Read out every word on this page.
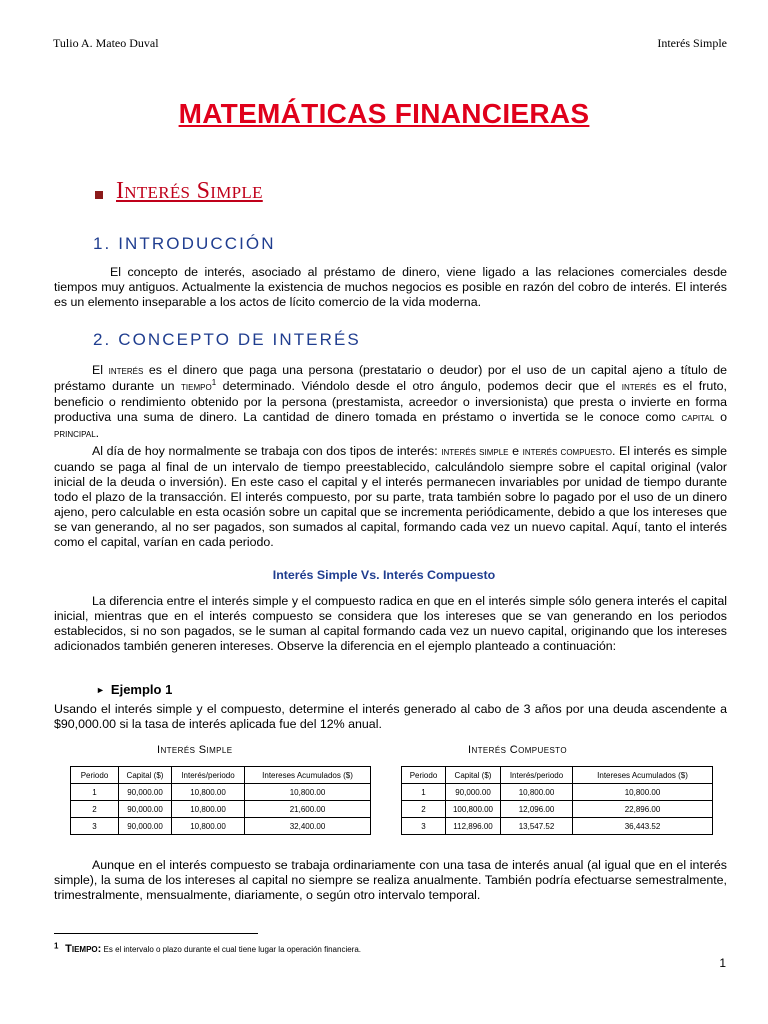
Tulio A. Mateo Duval	Interés Simple
MATEMÁTICAS FINANCIERAS
Interés Simple
1. INTRODUCCIÓN
El concepto de interés, asociado al préstamo de dinero, viene ligado a las relaciones comerciales desde tiempos muy antiguos. Actualmente la existencia de muchos negocios es posible en razón del cobro de interés. El interés es un elemento inseparable a los actos de lícito comercio de la vida moderna.
2. CONCEPTO DE INTERÉS
El interés es el dinero que paga una persona (prestatario o deudor) por el uso de un capital ajeno a título de préstamo durante un tiempo$^1$ determinado. Viéndolo desde el otro ángulo, podemos decir que el interés es el fruto, beneficio o rendimiento obtenido por la persona (prestamista, acreedor o inversionista) que presta o invierte en forma productiva una suma de dinero. La cantidad de dinero tomada en préstamo o invertida se le conoce como capital o principal.
Al día de hoy normalmente se trabaja con dos tipos de interés: interés simple e interés compuesto. El interés es simple cuando se paga al final de un intervalo de tiempo preestablecido, calculándolo siempre sobre el capital original (valor inicial de la deuda o inversión). En este caso el capital y el interés permanecen invariables por unidad de tiempo durante todo el plazo de la transacción. El interés compuesto, por su parte, trata también sobre lo pagado por el uso de un dinero ajeno, pero calculable en esta ocasión sobre un capital que se incrementa periódicamente, debido a que los intereses que se van generando, al no ser pagados, son sumados al capital, formando cada vez un nuevo capital. Aquí, tanto el interés como el capital, varían en cada periodo.
Interés Simple Vs. Interés Compuesto
La diferencia entre el interés simple y el compuesto radica en que en el interés simple sólo genera interés el capital inicial, mientras que en el interés compuesto se considera que los intereses que se van generando en los periodos establecidos, si no son pagados, se le suman al capital formando cada vez un nuevo capital, originando que los intereses adicionados también generen intereses. Observe la diferencia en el ejemplo planteado a continuación:
► Ejemplo 1
Usando el interés simple y el compuesto, determine el interés generado al cabo de 3 años por una deuda ascendente a $90,000.00 si la tasa de interés aplicada fue del 12% anual.
Interés Simple	Interés Compuesto
Periodo	Capital ($)	Interés/periodo	Intereses Acumulados ($)
1	90,000.00	10,800.00	10,800.00
2	90,000.00	10,800.00	21,600.00
3	90,000.00	10,800.00	32,400.00
Periodo	Capital ($)	Interés/periodo	Intereses Acumulados ($)
1	90,000.00	10,800.00	10,800.00
2	100,800.00	12,096.00	22,896.00
3	112,896.00	13,547.52	36,443.52
Aunque en el interés compuesto se trabaja ordinariamente con una tasa de interés anual (al igual que en el interés simple), la suma de los intereses al capital no siempre se realiza anualmente. También podría efectuarse semestralmente, trimestralmente, mensualmente, diariamente, o según otro intervalo temporal.
$^1$ Tiempo: Es el intervalo o plazo durante el cual tiene lugar la operación financiera.
1
